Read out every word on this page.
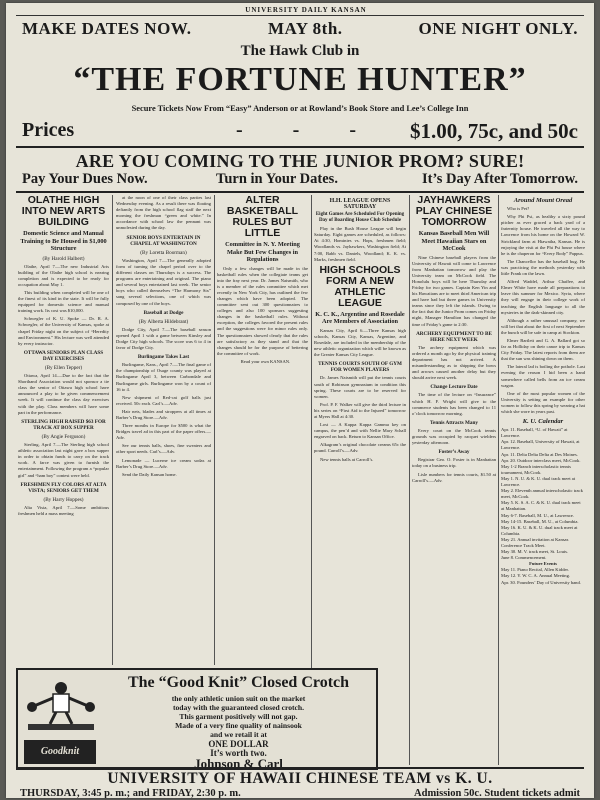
UNIVERSITY DAILY KANSAN
MAKE DATES NOW.	MAY 8th.	ONE NIGHT ONLY.
The Hawk Club in
“THE FORTUNE HUNTER”
Secure Tickets Now From “Easy” Anderson or at Rowland’s Book Store and Lee’s College Inn
Prices	-          -          -	$1.00, 75c, and 50c
ARE YOU COMING TO THE JUNIOR PROM? SURE!
Pay Your Dues Now.	Turn in Your Dates.	It’s Day After Tomorrow.
OLATHE HIGH INTO NEW ARTS BUILDING
Domestic Science and Manual Training to Be Housed in $1,000 Structure
(By Harold Halbert)

Olathe, April 7.—The new Industrial Arts building of the Olathe high school is nearing completion and is expected to be ready for occupation about May 1.

This building when completed will be one of the finest of its kind in the state. It will be fully equipped for domestic science and manual training work. Its cost was $10,000.

Schwegler of K. U. Spoke — Dr. R. A. Schwegler, of the University of Kansas, spoke at chapel Friday night on the subject of “Heredity and Environment.” His lecture was well attended by every instructor.

OTTAWA SENIORS PLAN CLASS DAY EXERCISES
(By Ellen Tepper)

Ottawa, April 14.—Due to the fact that the Shorthand Association would not sponsor a tie class the senior of Ottawa high school have announced a play to be given commencement week. It will continue the class day exercises with the play. Class members will have some part in the performance.

STERLING HIGH RAISED $63 FOR TRACK AT BOX SUPPER
(By Angie Ferguson)

Sterling, April 7.—The Sterling high school athletic association last night gave a box supper in order to obtain funds to carry on the track work. A farce was given to furnish the entertainment. Following the program a “popular girl” and “ham boy” contest were held.

FRESHMEN FLY COLORS AT ALTA VISTA; SENIORS GET THEM
(By Harry Hoppes)

Alta Vista, April 7.—Some ambitious freshmen held a mass meeting

at the noon of one of their class parties last Wednesday evening. As a result there was floating defiantly from the high school flag staff the next morning the freshman “green and white.” In accordance with school law the pennant was unmolested during the day.

SENIOR BOYS ENTERTAIN IN CHAPEL AT WASHINGTON
(By Loretta Boorman)

Washington, April 7.—The generally adopted form of turning the chapel period over to the different classes on Thursdays is a success. The programs are entertaining and original. The piano and several boys entertained last week. The senior boys who called themselves “The Harmony Six” sang several selections, one of which was composed by one of the boys.

Baseball at Dodge
(By Alberta Hildebrant)

Dodge City, April 7.—The baseball season opened April 1 with a game between Kinsley and Dodge City high schools. The score was 6 to 4 in favor of Dodge City.

Burlingame Takes Last

Burlingame, Kans., April 7.—The final game of the championship of Osage county was played at Burlingame April 3, between Carbondale and Burlingame girls. Burlingame won by a count of 16 to 4.

New shipment of Red-cat golf balls just received. 50c each. Carl’s.—Adv.

Hair nets, blades and stroppers at all times at Barber’s Drug Store.—Adv.

Three months in Europe for $500 is what the Bridges travel ad in this part of the paper offers.—Adv.

See our tennis balls, shoes, fine sweaters and other sport needs. Carl’s.—Adv.

Lemonade — Lucerne ice cream sodas at Barber’s Drug Store.—Adv.

Send the Daily Kansan home.

ALTER BASKETBALL RULES BUT LITTLE
Committee in N. Y. Meeting Make But Few Changes in Regulations

Only a few changes will be made in the basketball rules when the collegiate teams get into the fray next year. Dr. James Naismith, who is a member of the rules committee which met recently in New York City, has outlined the few changes which have been adopted. The committee sent out 300 questionnaires to colleges and also 100 sponsors suggesting changes in the basketball rules. Without exception, the colleges favored the present rules and the suggestions were for minor rules only. The questionnaires showed clearly that the rules are satisfactory as they stand and that the changes should be for the purpose of bettering the committee of work.

Read your own KANSAN.

H.H. LEAGUE OPENS SATURDAY
Eight Games Are Scheduled For Opening Day of Boarding House Club Schedule

Play in the Bush House League will begin Saturday. Eight games are scheduled, as follows: At 4:30, Hominies vs. Hops, freshmen field; Woodlands vs. Jayhawkers, Washington field; At 7:00, Babb vs. Daniels, Woodland; K. K. vs. Marks, freshmen field.

HIGH SCHOOLS FORM A NEW ATHLETIC LEAGUE
K. C. K., Argentine and Rosedale Are Members of Association

Kansas City, April 6.—Three Kansas high schools, Kansas City, Kansas, Argentine, and Rosedale, are included in the membership of the new athletic organization which will be known as the Greater Kansas City League.

TENNIS COURTS SOUTH OF GYM FOR WOMEN PLAYERS

Dr. James Naismith will put the tennis courts south of Robinson gymnasium in condition this spring. These courts are to be reserved for women.

Prof. P. F. Walker will give the third lecture in his series on “First Aid to the Injured” tomorrow at Myers Hall at 4:30.

Lost — A Kappa Kappa Gamma key on campus, the pen’d and with Nellie Mary Schall engraved on back. Return to Kansan Office.

Alkagram’s original chocolate creams 65c the pound. Carroll’s.—Adv.

New tennis balls at Carroll’s.

JAYHAWKERS PLAY CHINESE TOMORROW
Kansas Baseball Men Will Meet Hawaiian Stars on McCook

Nine Chinese baseball players from the University of Hawaii will come to Lawrence from Manhattan tomorrow and play the University team on McCook field. The Honolulu boys will be here Thursday and Friday for two games. Captain Ken Yin and his Hawaiians are to meet third American trip and have had but three games in University teams since they left the islands. Owing to the fact that the Junior Prom comes on Friday night, Manager Hamilton has changed the time of Friday’s game to 2:30.

ARCHERY EQUIPMENT TO BE HERE NEXT WEEK

The archery equipment which was ordered a month ago by the physical training department has not arrived. A misunderstanding as to shipping the bows and arrows caused another delay but they should arrive next week.

Change Lecture Date

The time of the lecture on “Insurance” which H. F. Wright will give to the commerce students has been changed to 11 o’clock tomorrow morning.

Tennis Attracts Many

Every court on the McCook tennis grounds was occupied by racquet wielders yesterday afternoon.

Foster’s Away

Registrar Geo. O. Foster is in Manhattan today on a business trip.

Lisle numbers for tennis courts, $1.50 at Carroll’s.—Adv.

Around Mount Oread

Who is Pet?

Why Phi Psi, as healthy a sixty pound pitcher as ever graced a back yard of a fraternity house. He traveled all the way to Lawrence from his home on the Howard W. Strickland farm at Hiawatha, Kansas. He is enjoying the visit at the Phi Psi house where he is the chaperon for “Every Body” Pappus.

The Chancellor has the baseball bug. He was practicing the methods yesterday with little Frank on the lawn.

Alfred Waddel, Arthur Chaffee, and Elmer White have made all preparations to leave this summer for Mexico. Syria, where they will engage in their college work of teaching the English language to all the mysteries in the dark-skinned city.

Although a rather unusual company, we will bet that about the first of next September the bunch will be safe in camp at Stockton.

Elmer Bartlett and G. A. Ballard got so far as Holliday on their canoe trip to Kansas City Friday. The latest reports from them are that the sun was shining down on them.

The lateral lad is boiling the pothole. Last evening the reason I hid been a hand somewhere called bells from an ice cream wagon.

One of the most popular women of the University is setting an example for other women to follow this spring by wearing a hat which she wore in years past.

K. U. Calendar
Apr. 11. Baseball, “U. of Hawaii” at Lawrence.
Apr. 12. Baseball, University of Hawaii, at Lawrence.
Apr. 11. Delta Delta Delta at Des Moines.
Apr. 20. Outdoor interclass meet, McCook.
May 1-2 Branch interscholastic tennis tournament, McCook.
May 1. N. U. & K. U. dual track meet at Lawrence.
May 2. Eleventh annual interscholastic track meet, McCook.
May 5. K. S. A. C. & K. U. dual track meet at Manhattan.
May 6-7. Baseball, M. U., at Lawrence.
May 14-15. Baseball, M. U., at Columbia.
May 16. K. U. & K. U. dual track meet at Columbia.
May 21. Annual invitation at Kansas Conference Track Meet.
May 30. M. V. track meet, St. Louis.
June 8. Commencement.
Future Events
May 11. Piano Recital, Allen Kidder.
May 12. Y. W. C. A. Annual Meeting.
Apr. 30. Founders’ Day of University band.
Goodknit
The “Good Knit” Closed Crotch
the only athletic union suit on the market
today with the guaranteed closed crotch.
This garment positively will not gap.
Made of a very fine quality of nainsook
and we retail it at
ONE DOLLAR
It’s worth two.
Johnson & Carl
UNIVERSITY OF HAWAII CHINESE TEAM vs K. U.
THURSDAY, 3:45 p. m.; and FRIDAY, 2:30 p. m.	Admission 50c. Student tickets admit
